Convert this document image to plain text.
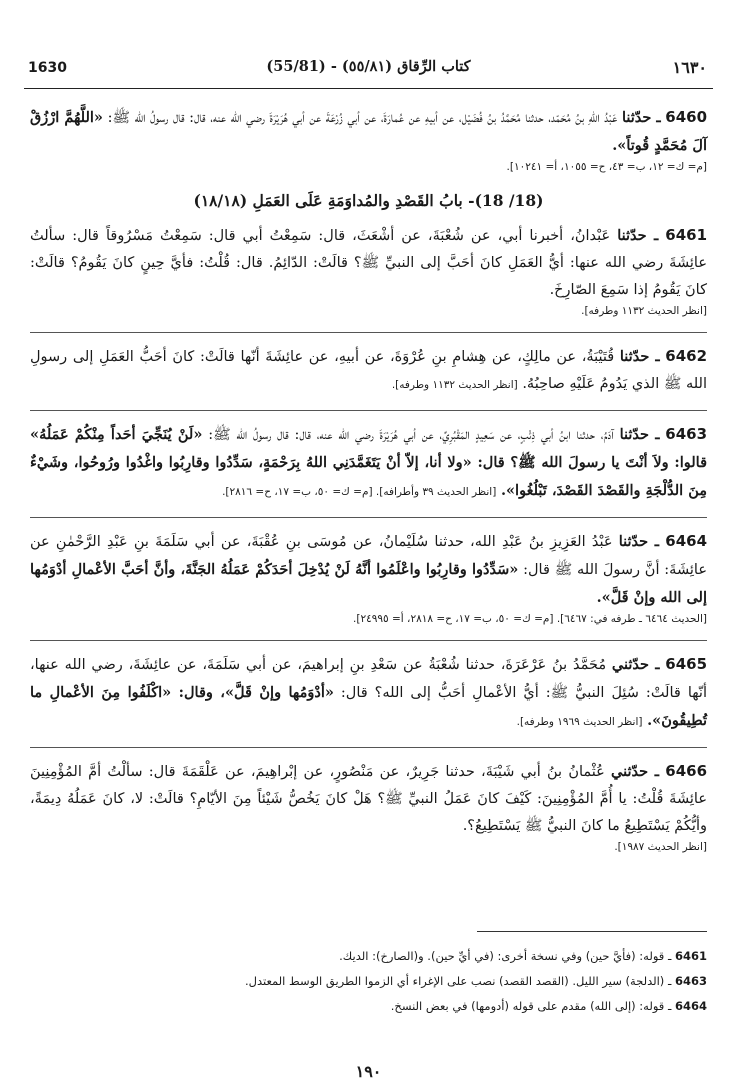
1630	(55/81) - كتاب الرِّقاق (٥٥/٨١)	١٦٣٠

6460 ـ حدّثنا عَبْدُ اللهِ بنُ مُحَمّد، حدثنا مُحَمَّدُ بنُ فُضَيْل، عن أبيهِ عن عُمارَةَ، عن أبي زُرْعَةَ عن أبي هُرَيْرَةَ رضي الله عنه، قال: قال رسولُ الله ﷺ: «اللَّهُمَّ ارْزُقْ آلَ مُحَمَّدٍ قُوتاً».
[م= ك= ١٢، ب= ٤٣، ح= ١٠٥٥، أ= ١٠٢٤١].

(18/ 18)- بابُ القَصْدِ والمُداوَمَةِ عَلَى العَمَلِ (١٨/١٨)

6461 ـ حدّثنا عَبْدانُ، أخبرنا أبي، عن شُعْبَةَ، عن أشْعَثَ، قال: سَمِعْتُ أبي قال: سَمِعْتُ مَسْرُوقاً قال: سألتُ عائِشَةَ رضي الله عنها: أيُّ العَمَلِ كانَ أحَبَّ إلى النبيِّ ﷺ؟ قالَتْ: الدّائِمُ. قال: قُلْتُ: فأيَّ حِينٍ كانَ يَقُومُ؟ قالَتْ: كانَ يَقُومُ إذا سَمِعَ الصّارِخَ.
[انظر الحديث ١١٣٢ وطرفه].

6462 ـ حدّثنا قُتَيْبَةُ، عن مالِكٍ، عن هِشامِ بنِ عُرْوَةَ، عن أبيهِ، عن عائِشَةَ أنّها قالَتْ: كانَ أحَبُّ العَمَلِ إلى رسولِ الله ﷺ الذي يَدُومُ عَلَيْهِ صاحِبُهُ. [انظر الحديث ١١٣٢ وطرفه].

6463 ـ حدّثنا آدَمُ، حدثنا ابنُ أبي ذِئْبٍ، عن سَعِيدٍ المَقْبُرِيِّ، عن أبي هُرَيْرَةَ رضي الله عنه، قال: قال رسولُ الله ﷺ: «لَنْ يُنَجِّيَ أحَداً مِنْكُمْ عَمَلُهُ» قالوا: ولاَ أنْتَ يا رسولَ الله ﷺ؟ قال: «ولا أنا، إلاّ أنْ يَتَغَمَّدَنِي اللهُ بِرَحْمَةٍ، سَدِّدُوا وقارِبُوا واغْدُوا ورُوحُوا، وشَيْءٌ مِنَ الدُّلْجَةِ والقَصْدَ القَصْدَ، تَبْلُغُوا». [انظر الحديث ٣٩ وأطرافه]. [م= ك= ٥٠، ب= ١٧، ح= ٢٨١٦].

6464 ـ حدّثنا عَبْدُ العَزِيزِ بنُ عَبْدِ الله، حدثنا سُلَيْمانُ، عن مُوسَى بنِ عُقْبَةَ، عن أبي سَلَمَةَ بنِ عَبْدِ الرَّحْمٰنِ عن عائِشَةَ: أنَّ رسولَ الله ﷺ قال: «سَدِّدُوا وقارِبُوا واعْلَمُوا أنَّهُ لَنْ يُدْخِلَ أحَدَكُمْ عَمَلُهُ الجَنَّةَ، وأنَّ أحَبَّ الأعْمالِ أدْوَمُها إلى الله وإنْ قَلَّ».
[الحديث ٦٤٦٤ ـ طرفه في: ٦٤٦٧]. [م= ك= ٥٠، ب= ١٧، ح= ٢٨١٨، أ= ٢٤٩٩٥].

6465 ـ حدّثني مُحَمَّدُ بنُ عَرْعَرَةَ، حدثنا شُعْبَةُ عن سَعْدِ بنِ إبراهيمَ، عن أبي سَلَمَةَ، عن عائِشَةَ، رضي الله عنها، أنّها قالَتْ: سُئِلَ النبيُّ ﷺ: أيُّ الأعْمالِ أحَبُّ إلى الله؟ قال: «أدْوَمُها وإنْ قَلَّ»، وقال: «اكْلَفُوا مِنَ الأعْمالِ ما تُطِيقُونَ». [انظر الحديث ١٩٦٩ وطرفه].

6466 ـ حدّثني عُثْمانُ بنُ أبي شَيْبَةَ، حدثنا جَرِيرٌ، عن مَنْصُورٍ، عن إبْراهِيمَ، عن عَلْقَمَةَ قال: سألْتُ أمَّ المُؤْمِنِينَ عائِشَةَ قُلْتُ: يا أُمَّ المُؤْمِنِينَ: كَيْفَ كانَ عَمَلُ النبيِّ ﷺ؟ هَلْ كانَ يَخُصُّ شَيْئاً مِنَ الأيّامِ؟ قالَتْ: لا، كانَ عَمَلُهُ دِيمَةً، وأيُّكُمْ يَسْتَطِيعُ ما كانَ النبيُّ ﷺ يَسْتَطِيعُ؟.
[انظر الحديث ١٩٨٧].

6461 ـ قوله: (فأيَّ حين) وفي نسخة أخرى: (في أيِّ حين). و(الصارخ): الديك.

6463 ـ (الدلجة) سير الليل. (القصد القصد) نصب على الإغراء أي الزموا الطريق الوسط المعتدل.

6464 ـ قوله: (إلى الله) مقدم على قوله (أدومها) في بعض النسخ.

١٩٠
